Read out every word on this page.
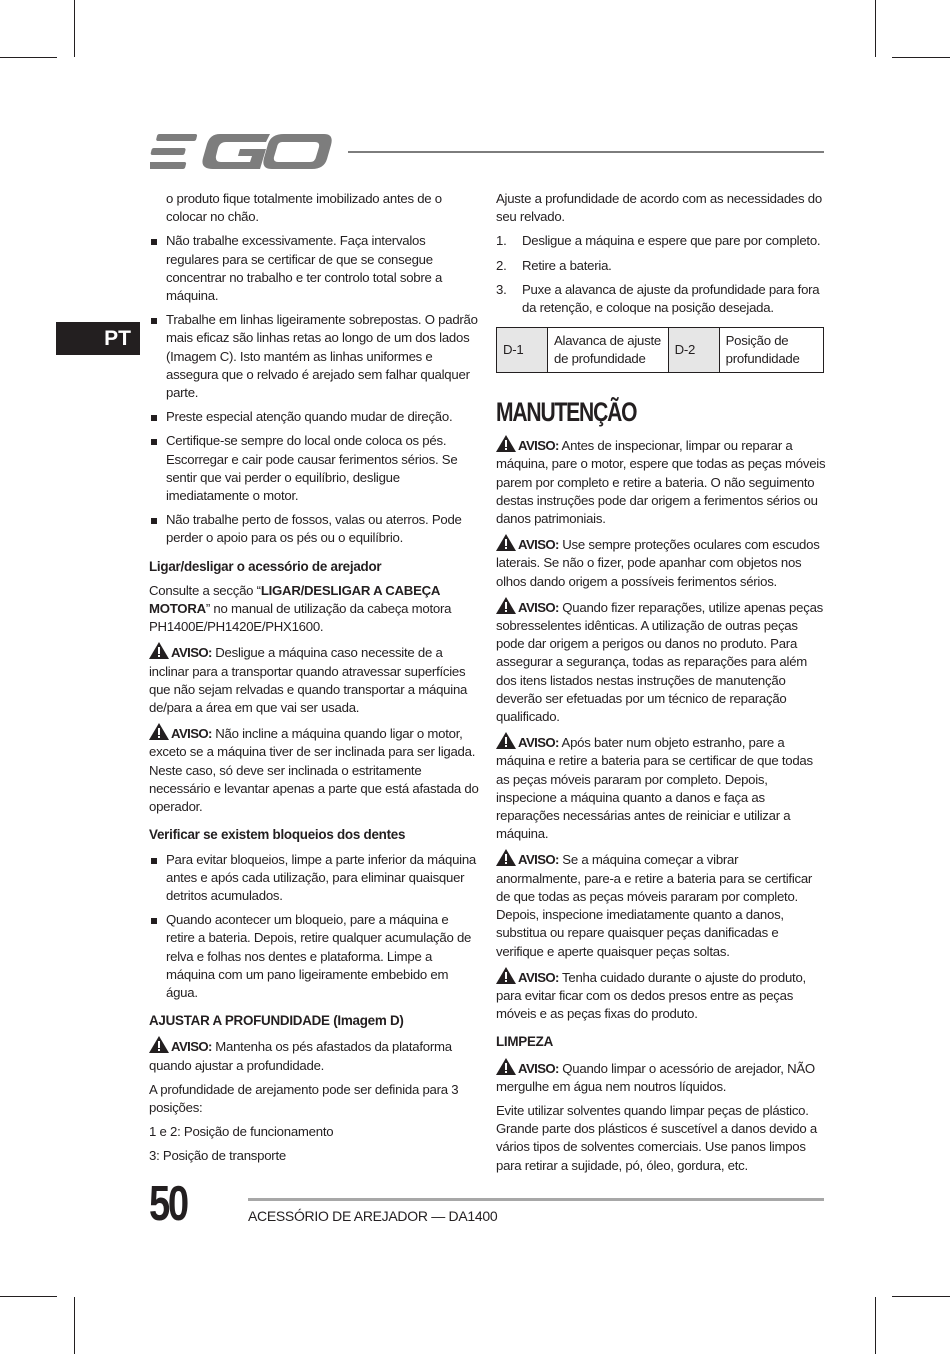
PT

o produto fique totalmente imobilizado antes de o colocar no chão.

Não trabalhe excessivamente. Faça intervalos regulares para se certificar de que se consegue concentrar no trabalho e ter controlo total sobre a máquina.
Trabalhe em linhas ligeiramente sobrepostas. O padrão mais eficaz são linhas retas ao longo de um dos lados (Imagem C). Isto mantém as linhas uniformes e assegura que o relvado é arejado sem falhar qualquer parte.
Preste especial atenção quando mudar de direção.
Certifique-se sempre do local onde coloca os pés. Escorregar e cair pode causar ferimentos sérios. Se sentir que vai perder o equilíbrio, desligue imediatamente o motor.
Não trabalhe perto de fossos, valas ou aterros. Pode perder o apoio para os pés ou o equilíbrio.
Ligar/desligar o acessório de arejador

Consulte a secção “LIGAR/DESLIGAR A CABEÇA MOTORA” no manual de utilização da cabeça motora PH1400E/PH1420E/PHX1600.

AVISO: Desligue a máquina caso necessite de a inclinar para a transportar quando atravessar superfícies que não sejam relvadas e quando transportar a máquina de/para a área em que vai ser usada.

AVISO: Não incline a máquina quando ligar o motor, exceto se a máquina tiver de ser inclinada para ser ligada. Neste caso, só deve ser inclinada o estritamente necessário e levantar apenas a parte que está afastada do operador.

Verificar se existem bloqueios dos dentes
Para evitar bloqueios, limpe a parte inferior da máquina antes e após cada utilização, para eliminar quaisquer detritos acumulados.
Quando acontecer um bloqueio, pare a máquina e retire a bateria. Depois, retire qualquer acumulação de relva e folhas nos dentes e plataforma. Limpe a máquina com um pano ligeiramente embebido em água.
AJUSTAR A PROFUNDIDADE (Imagem D)

AVISO: Mantenha os pés afastados da plataforma quando ajustar a profundidade.

A profundidade de arejamento pode ser definida para 3 posições:

1 e 2: Posição de funcionamento

3: Posição de transporte

Ajuste a profundidade de acordo com as necessidades do seu relvado.

1. Desligue a máquina e espere que pare por completo.
2. Retire a bateria.
3. Puxe a alavanca de ajuste da profundidade para fora da retenção, e coloque na posição desejada.
D-1	Alavanca de ajuste de profundidade	D-2	Posição de profundidade
MANUTENÇÃO

AVISO: Antes de inspecionar, limpar ou reparar a máquina, pare o motor, espere que todas as peças móveis parem por completo e retire a bateria. O não seguimento destas instruções pode dar origem a ferimentos sérios ou danos patrimoniais.

AVISO: Use sempre proteções oculares com escudos laterais. Se não o fizer, pode apanhar com objetos nos olhos dando origem a possíveis ferimentos sérios.

AVISO: Quando fizer reparações, utilize apenas peças sobresselentes idênticas. A utilização de outras peças pode dar origem a perigos ou danos no produto. Para assegurar a segurança, todas as reparações para além dos itens listados nestas instruções de manutenção deverão ser efetuadas por um técnico de reparação qualificado.

AVISO: Após bater num objeto estranho, pare a máquina e retire a bateria para se certificar de que todas as peças móveis pararam por completo. Depois, inspecione a máquina quanto a danos e faça as reparações necessárias antes de reiniciar e utilizar a máquina.

AVISO: Se a máquina começar a vibrar anormalmente, pare-a e retire a bateria para se certificar de que todas as peças móveis pararam por completo. Depois, inspecione imediatamente quanto a danos, substitua ou repare quaisquer peças danificadas e verifique e aperte quaisquer peças soltas.

AVISO: Tenha cuidado durante o ajuste do produto, para evitar ficar com os dedos presos entre as peças móveis e as peças fixas do produto.

LIMPEZA

AVISO: Quando limpar o acessório de arejador, NÃO mergulhe em água nem noutros líquidos.

Evite utilizar solventes quando limpar peças de plástico. Grande parte dos plásticos é suscetível a danos devido a vários tipos de solventes comerciais. Use panos limpos para retirar a sujidade, pó, óleo, gordura, etc.

50	ACESSÓRIO DE AREJADOR — DA1400
